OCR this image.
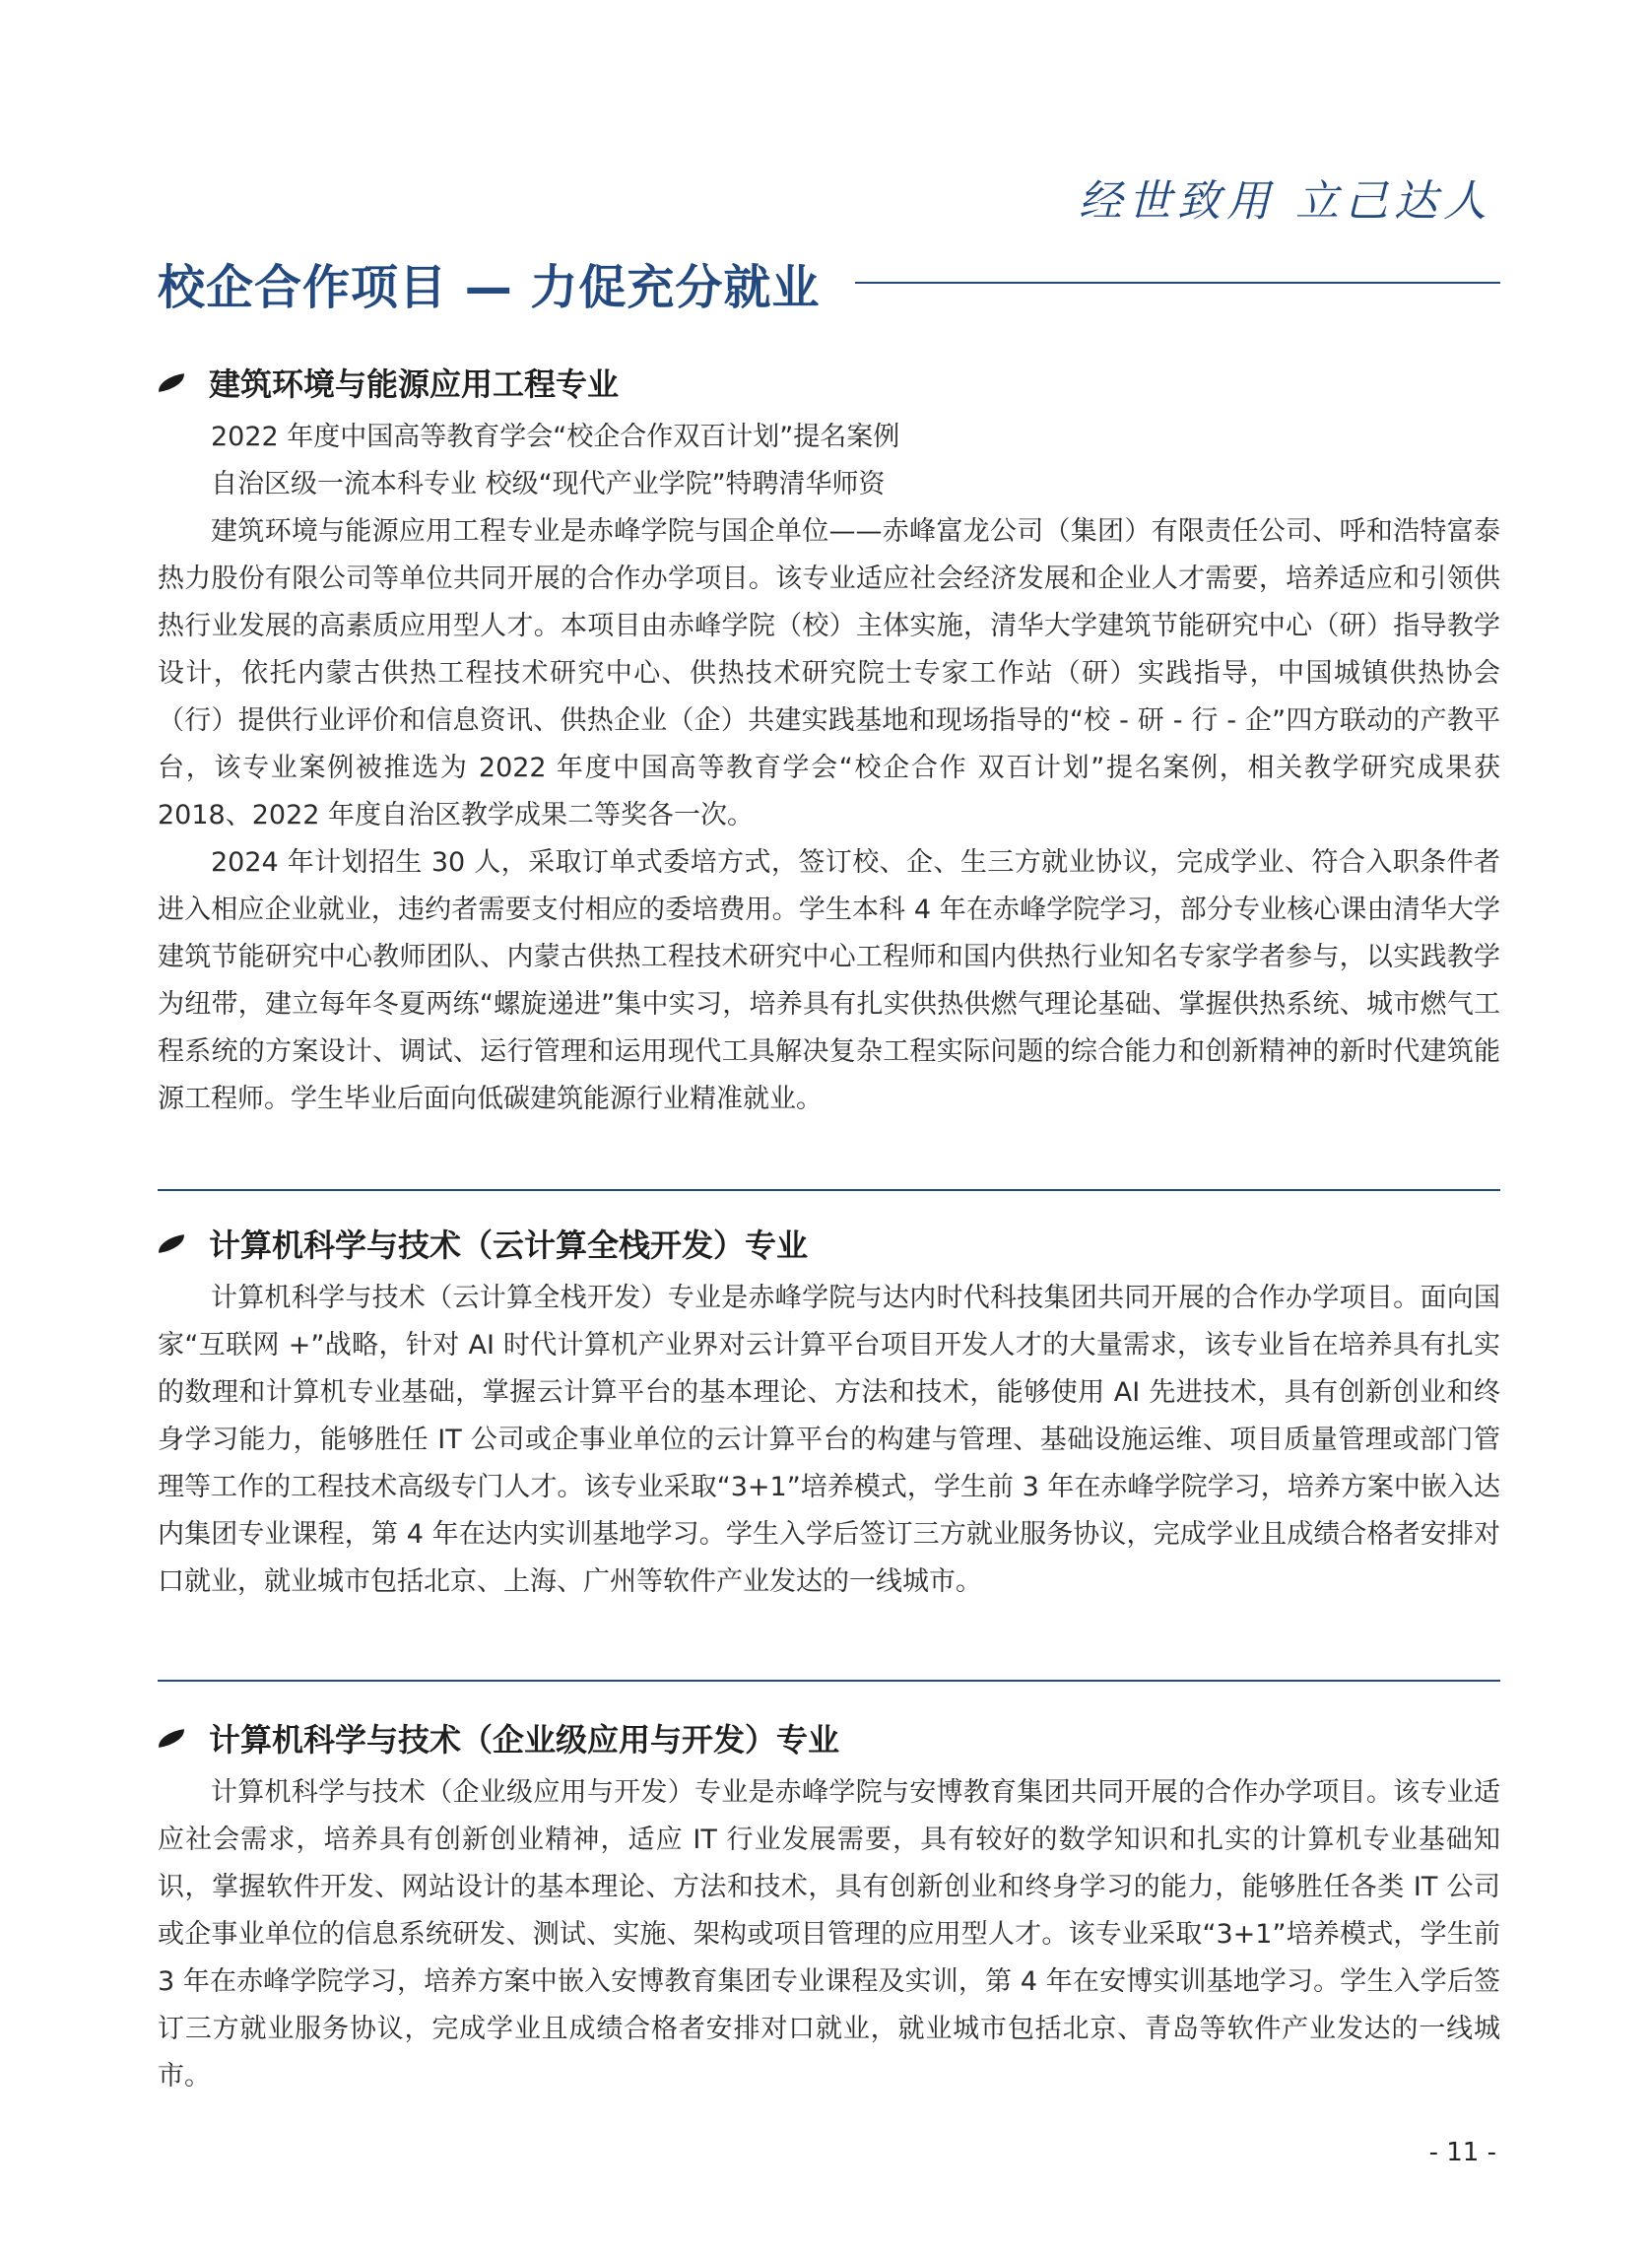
经世致用 立己达人
校企合作项目 — 力促充分就业
建筑环境与能源应用工程专业
2022 年度中国高等教育学会“校企合作双百计划”提名案例
自治区级一流本科专业 校级“现代产业学院”特聘清华师资

建筑环境与能源应用工程专业是赤峰学院与国企单位——赤峰富龙公司（集团）有限责任公司、呼和浩特富泰热力股份有限公司等单位共同开展的合作办学项目。该专业适应社会经济发展和企业人才需要，培养适应和引领供热行业发展的高素质应用型人才。本项目由赤峰学院（校）主体实施，清华大学建筑节能研究中心（研）指导教学设计，依托内蒙古供热工程技术研究中心、供热技术研究院士专家工作站（研）实践指导，中国城镇供热协会（行）提供行业评价和信息资讯、供热企业（企）共建实践基地和现场指导的“校 - 研 - 行 - 企”四方联动的产教平台，该专业案例被推选为 2022 年度中国高等教育学会“校企合作 双百计划”提名案例，相关教学研究成果获 2018、2022 年度自治区教学成果二等奖各一次。

2024 年计划招生 30 人，采取订单式委培方式，签订校、企、生三方就业协议，完成学业、符合入职条件者进入相应企业就业，违约者需要支付相应的委培费用。学生本科 4 年在赤峰学院学习，部分专业核心课由清华大学建筑节能研究中心教师团队、内蒙古供热工程技术研究中心工程师和国内供热行业知名专家学者参与，以实践教学为纽带，建立每年冬夏两练“螺旋递进”集中实习，培养具有扎实供热供燃气理论基础、掌握供热系统、城市燃气工程系统的方案设计、调试、运行管理和运用现代工具解决复杂工程实际问题的综合能力和创新精神的新时代建筑能源工程师。学生毕业后面向低碳建筑能源行业精准就业。

计算机科学与技术（云计算全栈开发）专业

计算机科学与技术（云计算全栈开发）专业是赤峰学院与达内时代科技集团共同开展的合作办学项目。面向国家“互联网 +”战略，针对 AI 时代计算机产业界对云计算平台项目开发人才的大量需求，该专业旨在培养具有扎实的数理和计算机专业基础，掌握云计算平台的基本理论、方法和技术，能够使用 AI 先进技术，具有创新创业和终身学习能力，能够胜任 IT 公司或企事业单位的云计算平台的构建与管理、基础设施运维、项目质量管理或部门管理等工作的工程技术高级专门人才。该专业采取“3+1”培养模式，学生前 3 年在赤峰学院学习，培养方案中嵌入达内集团专业课程，第 4 年在达内实训基地学习。学生入学后签订三方就业服务协议，完成学业且成绩合格者安排对口就业，就业城市包括北京、上海、广州等软件产业发达的一线城市。

计算机科学与技术（企业级应用与开发）专业

计算机科学与技术（企业级应用与开发）专业是赤峰学院与安博教育集团共同开展的合作办学项目。该专业适应社会需求，培养具有创新创业精神，适应 IT 行业发展需要，具有较好的数学知识和扎实的计算机专业基础知识，掌握软件开发、网站设计的基本理论、方法和技术，具有创新创业和终身学习的能力，能够胜任各类 IT 公司或企事业单位的信息系统研发、测试、实施、架构或项目管理的应用型人才。该专业采取“3+1”培养模式，学生前 3 年在赤峰学院学习，培养方案中嵌入安博教育集团专业课程及实训，第 4 年在安博实训基地学习。学生入学后签订三方就业服务协议，完成学业且成绩合格者安排对口就业，就业城市包括北京、青岛等软件产业发达的一线城市。

- 11 -
